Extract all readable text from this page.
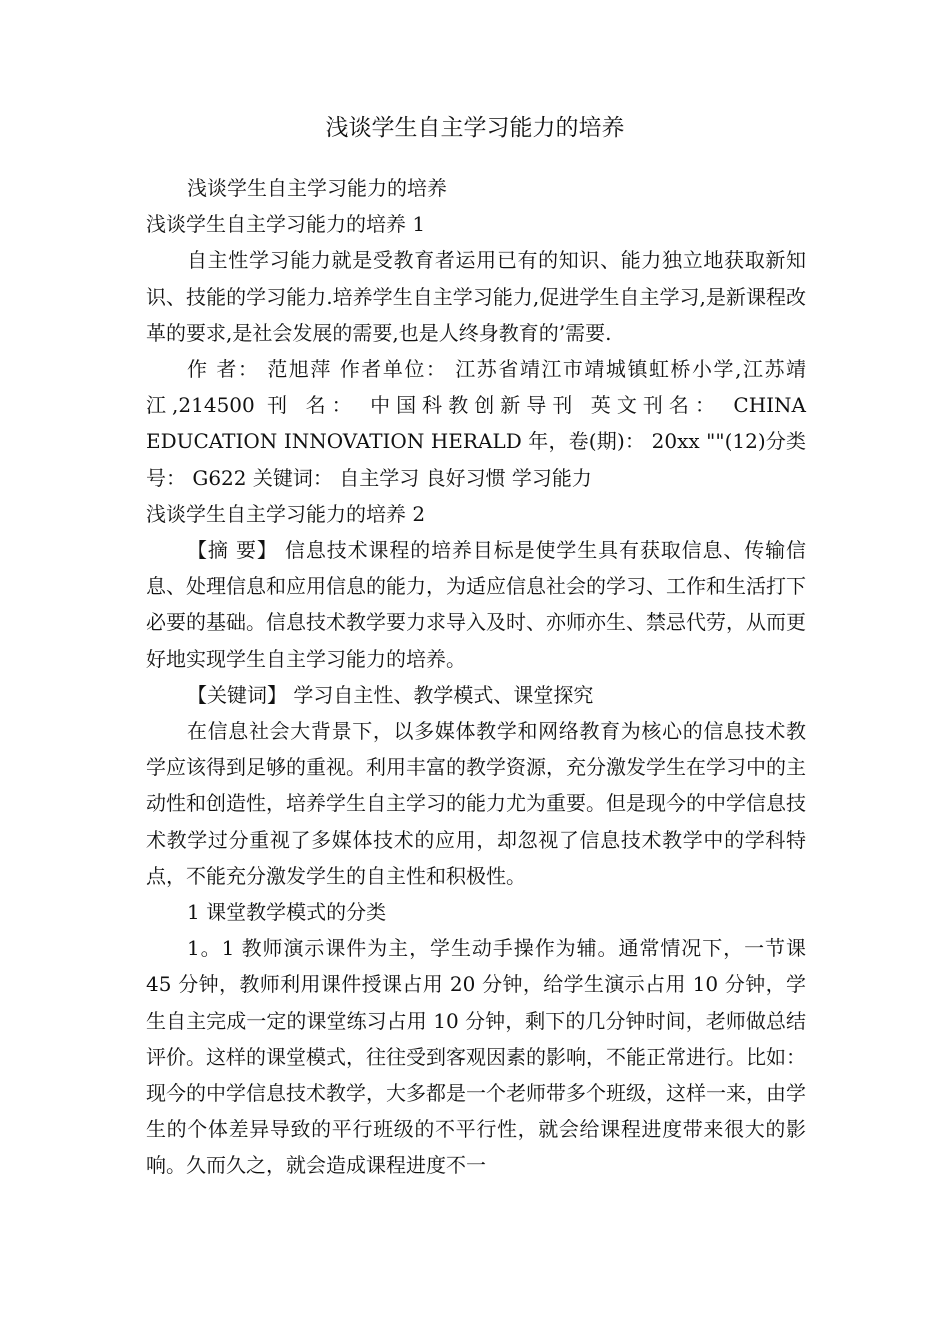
浅谈学生自主学习能力的培养

浅谈学生自主学习能力的培养

浅谈学生自主学习能力的培养 1

自主性学习能力就是受教育者运用已有的知识、能力独立地获取新知识、技能的学习能力.培养学生自主学习能力,促进学生自主学习,是新课程改革的要求,是社会发展的需要,也是人终身教育的’需要.

作 者： 范旭萍 作者单位： 江苏省靖江市靖城镇虹桥小学,江苏靖江,214500 刊 名： 中国科教创新导刊 英文刊名： CHINA EDUCATION INNOVATION HERALD 年，卷(期)： 20xx ""(12)分类号： G622 关键词： 自主学习 良好习惯 学习能力

浅谈学生自主学习能力的培养 2

【摘 要】 信息技术课程的培养目标是使学生具有获取信息、传输信息、处理信息和应用信息的能力，为适应信息社会的学习、工作和生活打下必要的基础。信息技术教学要力求导入及时、亦师亦生、禁忌代劳，从而更好地实现学生自主学习能力的培养。

【关键词】 学习自主性、教学模式、课堂探究

在信息社会大背景下，以多媒体教学和网络教育为核心的信息技术教学应该得到足够的重视。利用丰富的教学资源，充分激发学生在学习中的主动性和创造性，培养学生自主学习的能力尤为重要。但是现今的中学信息技术教学过分重视了多媒体技术的应用，却忽视了信息技术教学中的学科特点，不能充分激发学生的自主性和积极性。

1 课堂教学模式的分类

1。1 教师演示课件为主，学生动手操作为辅。通常情况下，一节课 45 分钟，教师利用课件授课占用 20 分钟，给学生演示占用 10 分钟，学生自主完成一定的课堂练习占用 10 分钟，剩下的几分钟时间，老师做总结评价。这样的课堂模式，往往受到客观因素的影响，不能正常进行。比如：现今的中学信息技术教学，大多都是一个老师带多个班级，这样一来，由学生的个体差异导致的平行班级的不平行性，就会给课程进度带来很大的影响。久而久之，就会造成课程进度不一
